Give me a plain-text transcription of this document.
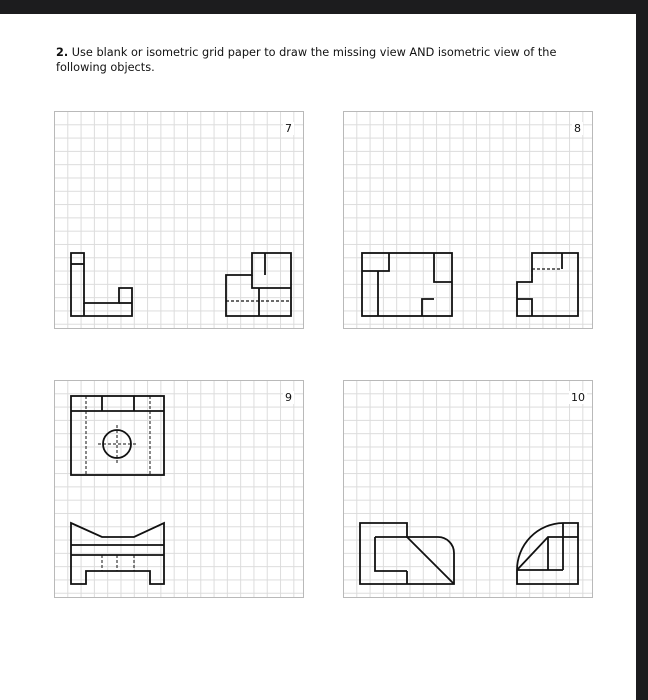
2. Use blank or isometric grid paper to draw the missing view AND isometric view of the following objects.
7	8
9	10
